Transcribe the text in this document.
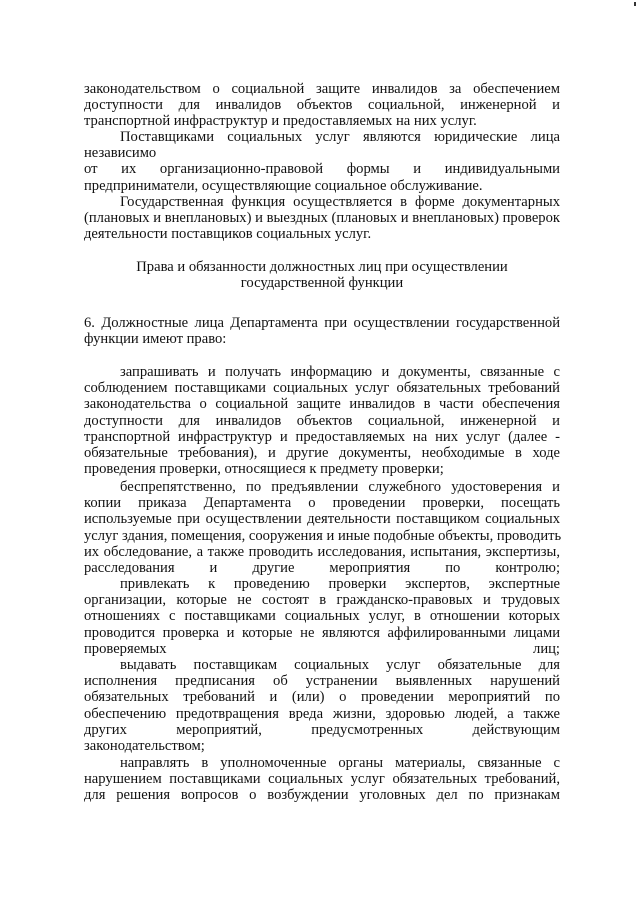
законодательством о социальной защите инвалидов за обеспечением
доступности для инвалидов объектов социальной, инженерной и
транспортной инфраструктур и предоставляемых на них услуг.
Поставщиками социальных услуг являются юридические лица
независимо
от их организационно-правовой формы и индивидуальными
предприниматели, осуществляющие социальное обслуживание.
Государственная функция осуществляется в форме документарных
(плановых и внеплановых) и выездных (плановых и внеплановых) проверок
деятельности поставщиков социальных услуг.
Права и обязанности должностных лиц при осуществлении
государственной функции
6. Должностные лица Департамента при осуществлении государственной
функции имеют право:
запрашивать и получать информацию и документы, связанные с
соблюдением поставщиками социальных услуг обязательных требований
законодательства о социальной защите инвалидов в части обеспечения
доступности для инвалидов объектов социальной, инженерной и
транспортной инфраструктур и предоставляемых на них услуг (далее -
обязательные требования), и другие документы, необходимые в ходе
проведения проверки, относящиеся к предмету проверки;
беспрепятственно, по предъявлении служебного удостоверения и
копии приказа Департамента о проведении проверки, посещать
используемые при осуществлении деятельности поставщиком социальных
услуг здания, помещения, сооружения и иные подобные объекты, проводить
их обследование, а также проводить исследования, испытания, экспертизы,
расследования и другие мероприятия по контролю;
привлекать к проведению проверки экспертов, экспертные
организации, которые не состоят в гражданско-правовых и трудовых
отношениях с поставщиками социальных услуг, в отношении которых
проводится проверка и которые не являются аффилированными лицами
проверяемых лиц;
выдавать поставщикам социальных услуг обязательные для
исполнения предписания об устранении выявленных нарушений
обязательных требований и (или) о проведении мероприятий по
обеспечению предотвращения вреда жизни, здоровью людей, а также
других мероприятий, предусмотренных действующим
законодательством;
направлять в уполномоченные органы материалы, связанные с
нарушением поставщиками социальных услуг обязательных требований,
для решения вопросов о возбуждении уголовных дел по признакам
